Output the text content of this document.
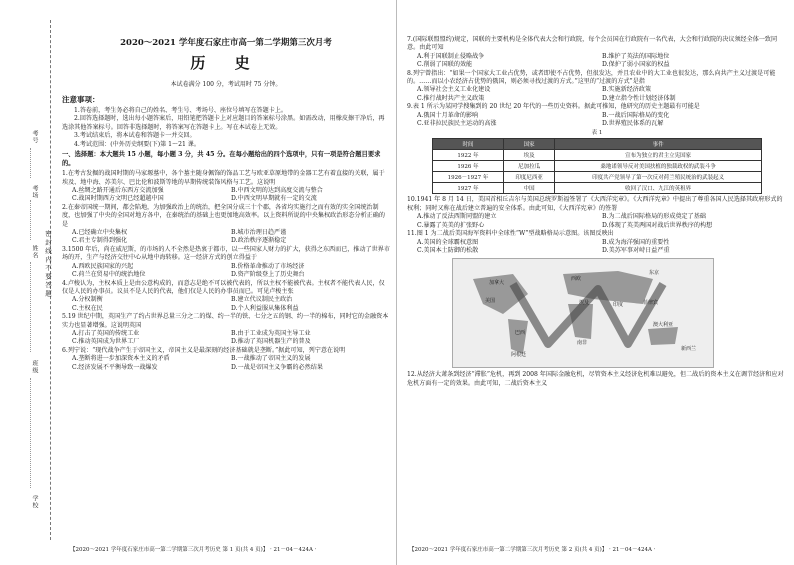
考号
考场
姓名
班级
学校
密 封 线 内 不 要 答 题

2020～2021 学年度石家庄市高一第二学期第三次月考

历 史

本试卷满分 100 分，考试用时 75 分钟。

注意事项：

1.答卷前，考生务必将自己的姓名、考生号、考场号、座位号填写在答题卡上。

2.回答选择题时，选出每小题答案后，用铅笔把答题卡上对应题目的答案标号涂黑。如需改动，用橡皮擦干净后，再选涂其他答案标号。回答非选择题时，将答案写在答题卡上。写在本试卷上无效。

3.考试结束后，将本试卷和答题卡一并交回。

4.考试范围：(中外历史纲要(下)第 1～21 课。

一、选择题：本大题共 15 小题，每小题 3 分，共 45 分。在每小题给出的四个选项中，只有一项是符合题目要求的。

1.在考古发掘的战国时期的马家塬墓中，各个墓主随身佩饰的饰品工艺与欧亚草原地带的金器工艺有着直接的关联，属于埃及、地中海、苏美尔、巴比伦和波斯等地的早期传统装饰风格与工艺。这说明

A.丝绸之路开通后东西方交流加强	B.中西文明的达到高度交流与整合
C.战国时期西方文明已经超越中国	D.中西文明早期就有一定的交流

2.在秦帝国统一期间，都会陷地，为加强政治上的统治，把全国分成三十个郡，各省均实施行之而有效的实全国统治制度，也加强了中央的全国对地方各中，在秦统治的基础上也更加地高效率。以上资料所说的中央集权政治形态分析正确的是

A.已经确立中央集权	B.城市治理日趋严谨
C.君主专制得到强化	D.政治秩序逐渐稳定

3.1500 年后，尚在威尼斯，的市场的人不全然是热衷于都市，以一些国家人财力的扩大，获得之东西而已，推动了世界市场的开，生产与经济交往中心从地中海转移。这一经济方式的创立得益于

A.西欧民族国家的兴起	B.价格革命推动了市场经济
C.荷兰在贸易中的统治地位	D.资产阶级登上了历史舞台

4.卢梭认为，主权本质上是由公意构成的，而意志是绝不可以被代表的，所以主权不能被代表。主权者不能代表人民，仅仅是人民的办事员。议员不是人民的代表，他们仅是人民的办事员而已。可见卢梭主张

A.分权制衡	B.建立代议制民主政治
C.主权在民	D.个人利益服从集体利益

5.19 世纪中期，英国生产了约占世界总量三分之二的煤、约一半的铁、七分之五的钢、约一半的棉布，同时它的金融资本实力也显著增强。这说明英国

A.打击了英国的传统工业	B.由于工业成为英国主导工业
C.推动英国成为世界工厂	D.推动了英国机器生产的普及

6.列宁说：“现代战争产生于帝国主义，帝国主义是最深刻的经济基础就是垄断。”据此可知，列宁意在说明

A.垄断将进一步加深资本主义的矛盾	B.一战推动了帝国主义的发展
C.经济发展不平衡导致一战爆发	D.一战是帝国主义争霸的必然结果
【2020～2021 学年度石家庄市高一第二学期第三次月考历史 第 1 页(共 4 页)】 · 21－04－424A ·

7.(国际联盟盟约)规定，国联的主要机构是全体代表大会和行政院，每个会员国在行政院有一名代表，大会和行政院的决议须经全体一致同意。由此可知

A.利于国联制止侵略战争	B.维护了英法的国际地位
C.削弱了国联的效能	D.保护了弱小国家的权益

8.列宁曾指出：“如果一个国家大工业占优势，或者即使不占优势，但很发达，并且农业中的大工业也很发达，那么向共产主义过渡是可能的。……而以小农经济占优势的俄国，则必须寻找过渡的方式。”这里的“过渡的方式”是指

A.领导社会主义工业化建设	B.实施新经济政策
C.推行战时共产主义政策	D.建立指令性计划经济体制

9.表 1 所示为某同学搜集到的 20 世纪 20 年代的一些历史资料。据此可推知，他研究的历史主题最有可能是

A.俄国十月革命的影响	B.一战后国际格局的变化
C.亚非拉民族民主运动的高涨	D.世界殖民体系的瓦解

表 1

时间	国家	事件
1922 年	埃及	宣布为独立的君主立宪国家
1926 年	尼加拉瓜	桑地诺领导反对美国扶植的独裁政权的武装斗争
1926－1927 年	印度尼西亚	印度共产党领导了第一次反对荷兰殖民统治的武装起义
1927 年	中国	收回了汉口、九江的英租界

10.1941 年 8 月 14 日，美国首相丘吉尔与美国总统罗斯福签署了《大西洋宪章》。《大西洋宪章》中提出了尊重各国人民选择其政府形式的权利；同时又称在战后建立普遍的安全体系。由此可知，《大西洋宪章》的签署

A.推动了反法西斯同盟的建立	B.为二战后国际格局的形成奠定了基础
C.暴露了英美的扩张野心	D.体现了英美两国对战后世界秩序的构想

11.图 1 为二战后美国海军资料中全球性“W”型战略格局示意图。该图反映出

A.美国的全球霸权意图	B.成为海洋强国的重要性
C.美国本土防御的松散	D.美苏军事对峙日益严重
东京
菲律宾
澳大利亚
新西兰
西欧
巴西
阿根廷
南非
印度
埃及
美国
加拿大

12.从经济大萧条到经济“滞胀”危机，再到 2008 年国际金融危机，尽管资本主义经济危机难以避免，但二战后的资本主义在调节经济和应对危机方面有一定的效果。由此可知，二战后资本主义

【2020～2021 学年度石家庄市高一第二学期第三次月考历史 第 2 页(共 4 页)】 · 21－04－424A ·
